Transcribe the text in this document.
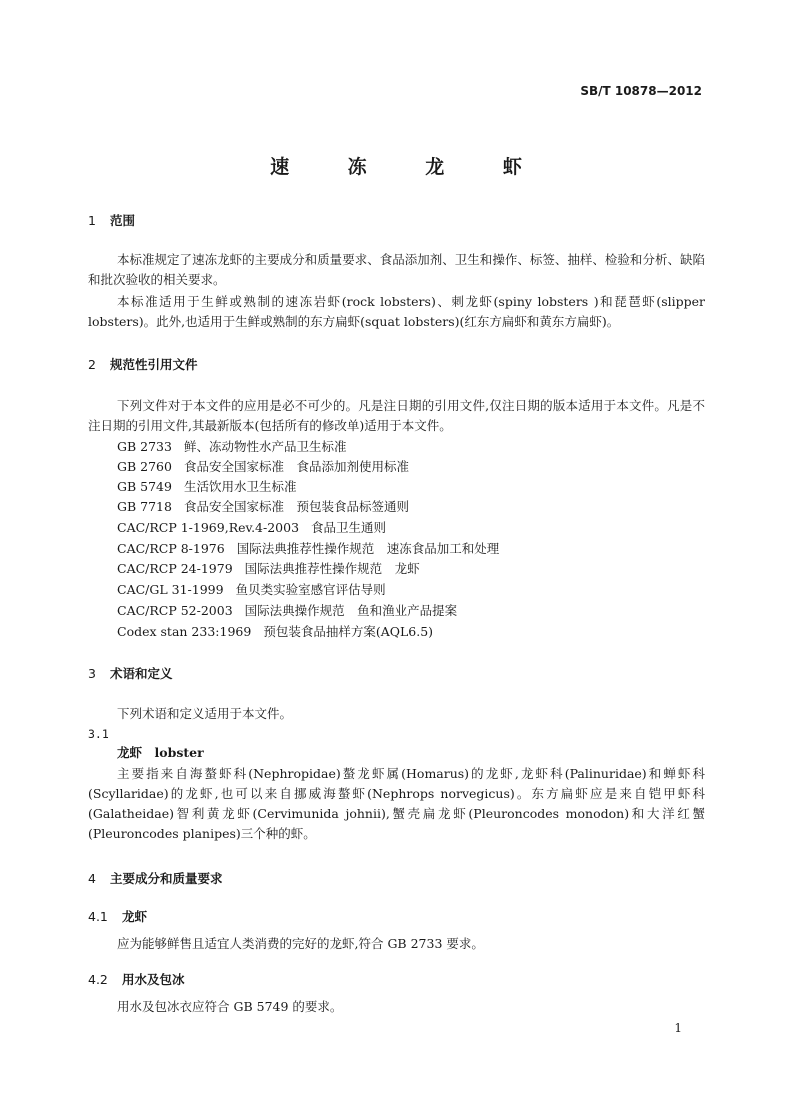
SB/T 10878—2012
速 冻 龙 虾
1 范围
本标准规定了速冻龙虾的主要成分和质量要求、食品添加剂、卫生和操作、标签、抽样、检验和分析、缺陷和批次验收的相关要求。
本标准适用于生鲜或熟制的速冻岩虾(rock lobsters)、刺龙虾(spiny lobsters )和琵琶虾(slipper lobsters)。此外,也适用于生鲜或熟制的东方扁虾(squat lobsters)(红东方扁虾和黄东方扁虾)。
2 规范性引用文件
下列文件对于本文件的应用是必不可少的。凡是注日期的引用文件,仅注日期的版本适用于本文件。凡是不注日期的引用文件,其最新版本(包括所有的修改单)适用于本文件。
GB 2733 鲜、冻动物性水产品卫生标准
GB 2760 食品安全国家标准　食品添加剂使用标准
GB 5749 生活饮用水卫生标准
GB 7718 食品安全国家标准　预包装食品标签通则
CAC/RCP 1-1969,Rev.4-2003 食品卫生通则
CAC/RCP 8-1976 国际法典推荐性操作规范　速冻食品加工和处理
CAC/RCP 24-1979 国际法典推荐性操作规范　龙虾
CAC/GL 31-1999 鱼贝类实验室感官评估导则
CAC/RCP 52-2003 国际法典操作规范　鱼和渔业产品提案
Codex stan 233:1969 预包装食品抽样方案(AQL6.5)
3 术语和定义
下列术语和定义适用于本文件。
3.1
龙虾　lobster
主要指来自海螯虾科(Nephropidae)螯龙虾属(Homarus)的龙虾,龙虾科(Palinuridae)和蝉虾科(Scyllaridae)的龙虾,也可以来自挪威海螯虾(Nephrops norvegicus)。东方扁虾应是来自铠甲虾科(Galatheidae)智利黄龙虾(Cervimunida johnii),蟹壳扁龙虾(Pleuroncodes monodon)和大洋红蟹(Pleuroncodes planipes)三个种的虾。
4 主要成分和质量要求
4.1 龙虾
应为能够鲜售且适宜人类消费的完好的龙虾,符合 GB 2733 要求。
4.2 用水及包冰
用水及包冰衣应符合 GB 5749 的要求。
1
